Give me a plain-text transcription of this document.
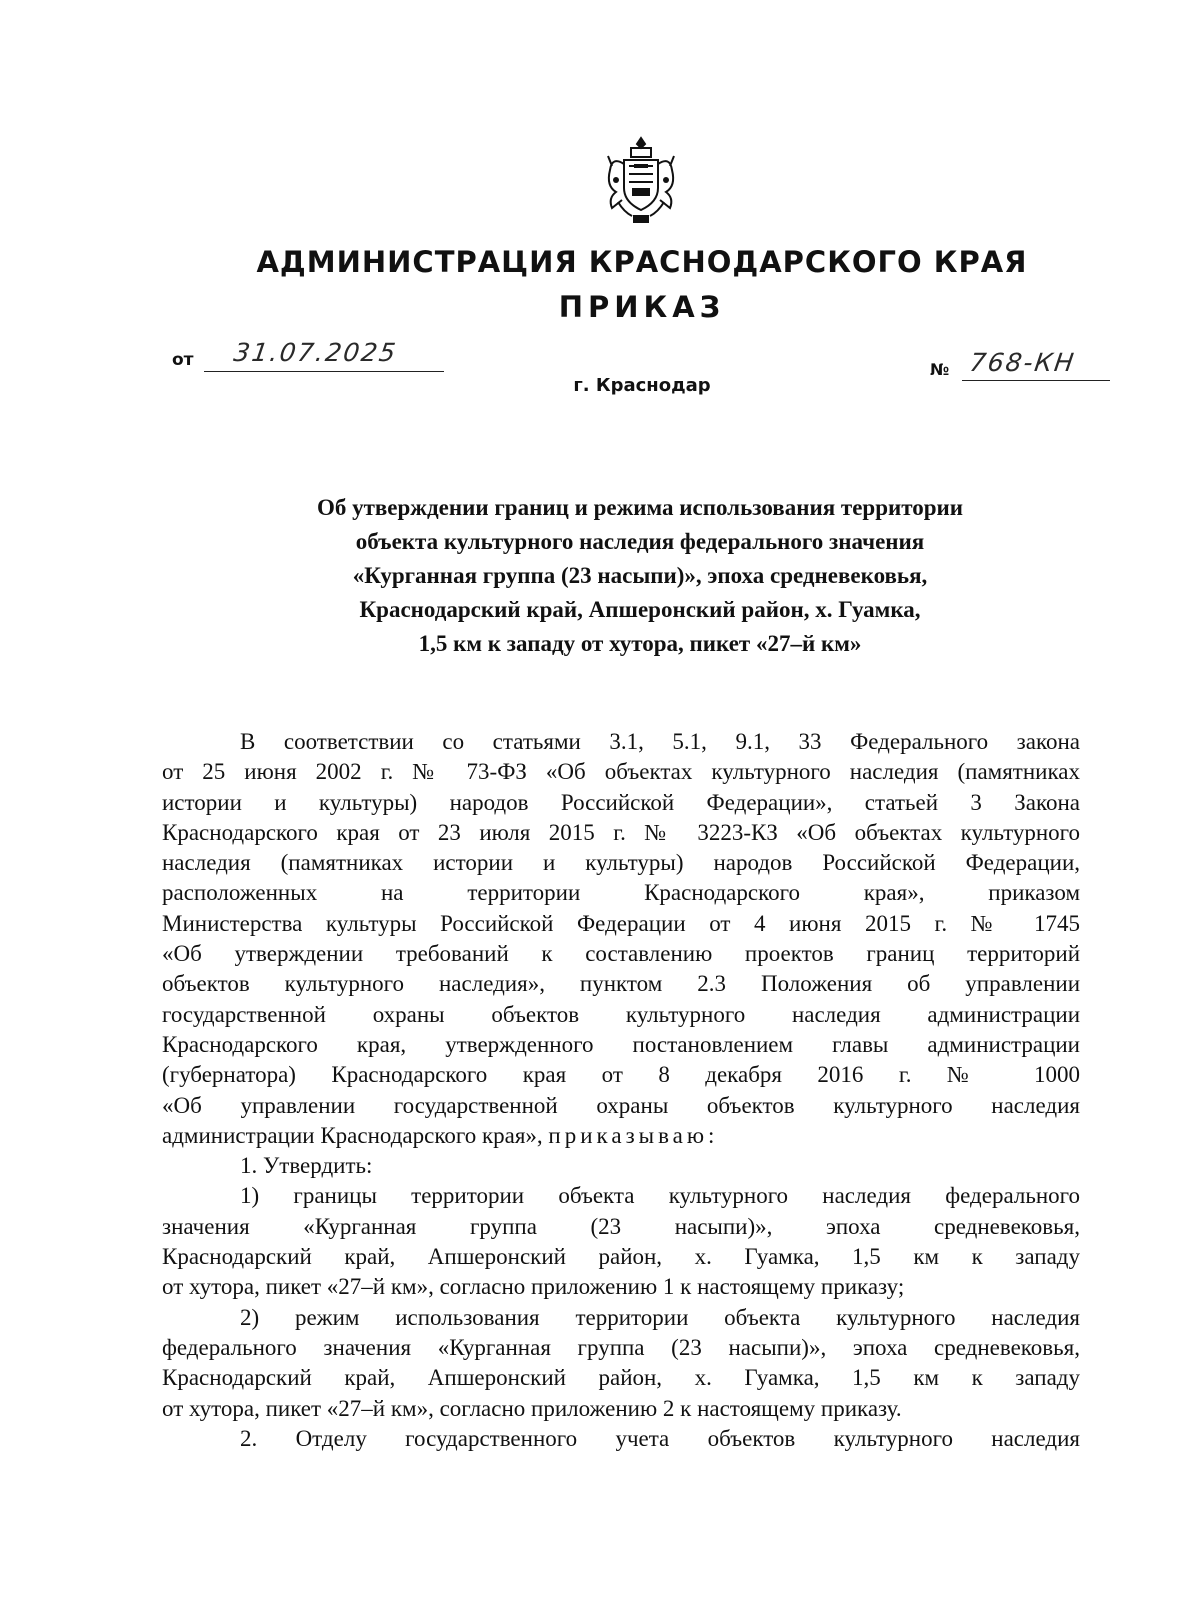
АДМИНИСТРАЦИЯ КРАСНОДАРСКОГО КРАЯ
ПРИКАЗ
от 31.07.2025
№ 768-КН
г. Краснодар
Об утверждении границ и режима использования территории
объекта культурного наследия федерального значения
«Курганная группа (23 насыпи)», эпоха средневековья,
Краснодарский край, Апшеронский район, х. Гуамка,
1,5 км к западу от хутора, пикет «27–й км»
В соответствии со статьями 3.1, 5.1, 9.1, 33 Федерального закона
от 25 июня 2002 г. № 73-ФЗ «Об объектах культурного наследия (памятниках
истории и культуры) народов Российской Федерации», статьей 3 Закона
Краснодарского края от 23 июля 2015 г. № 3223-КЗ «Об объектах культурного
наследия (памятниках истории и культуры) народов Российской Федерации,
расположенных на территории Краснодарского края», приказом
Министерства культуры Российской Федерации от 4 июня 2015 г. № 1745
«Об утверждении требований к составлению проектов границ территорий
объектов культурного наследия», пунктом 2.3 Положения об управлении
государственной охраны объектов культурного наследия администрации
Краснодарского края, утвержденного постановлением главы администрации
(губернатора) Краснодарского края от 8 декабря 2016 г. № 1000
«Об управлении государственной охраны объектов культурного наследия
администрации Краснодарского края», приказываю:
1. Утвердить:
1) границы территории объекта культурного наследия федерального
значения «Курганная группа (23 насыпи)», эпоха средневековья,
Краснодарский край, Апшеронский район, х. Гуамка, 1,5 км к западу
от хутора, пикет «27–й км», согласно приложению 1 к настоящему приказу;
2) режим использования территории объекта культурного наследия
федерального значения «Курганная группа (23 насыпи)», эпоха средневековья,
Краснодарский край, Апшеронский район, х. Гуамка, 1,5 км к западу
от хутора, пикет «27–й км», согласно приложению 2 к настоящему приказу.
2. Отделу государственного учета объектов культурного наследия
